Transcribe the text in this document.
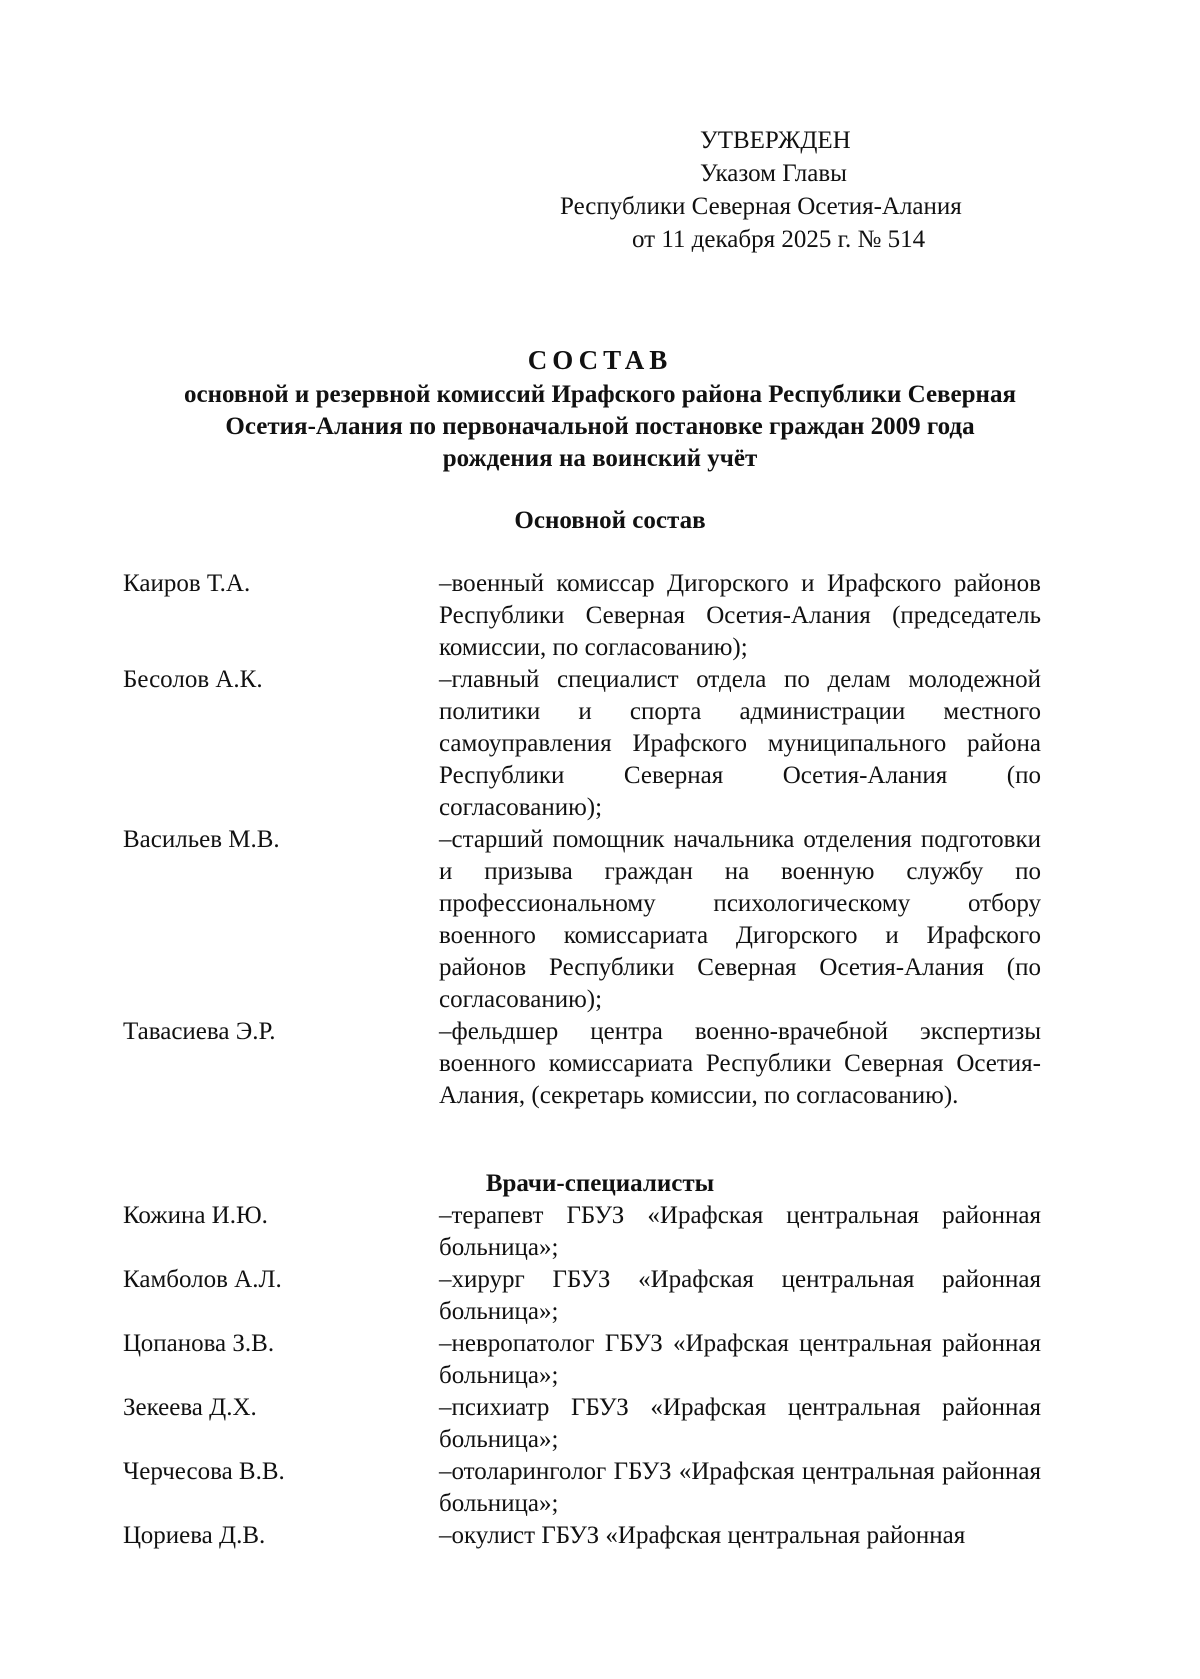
УТВЕРЖДЕН
Указом Главы
Республики Северная Осетия-Алания
от 11 декабря 2025 г. № 514
СОСТАВ
основной и резервной комиссий Ирафского района Республики Северная
Осетия-Алания по первоначальной постановке граждан 2009 года
рождения на воинский учёт
Основной состав
Каиров Т.А.	–военный комиссар Дигорского и Ирафского районов Республики Северная Осетия-Алания (председатель комиссии, по согласованию);
Бесолов А.К.	–главный специалист отдела по делам молодежной политики и спорта администрации местного самоуправления Ирафского муниципального района Республики Северная Осетия-Алания (по согласованию);
Васильев М.В.	–старший помощник начальника отделения подготовки и призыва граждан на военную службу по профессиональному психологическому отбору военного комиссариата Дигорского и Ирафского районов Республики Северная Осетия-Алания (по согласованию);
Тавасиева Э.Р.	–фельдшер центра военно-врачебной экспертизы военного комиссариата Республики Северная Осетия-Алания, (секретарь комиссии, по согласованию).
Врачи-специалисты
Кожина И.Ю.	–терапевт ГБУЗ «Ирафская центральная районная больница»;
Камболов А.Л.	–хирург ГБУЗ «Ирафская центральная районная больница»;
Цопанова З.В.	–невропатолог ГБУЗ «Ирафская центральная районная больница»;
Зекеева Д.Х.	–психиатр ГБУЗ «Ирафская центральная районная больница»;
Черчесова В.В.	–отоларинголог ГБУЗ «Ирафская центральная районная больница»;
Цориева Д.В.	–окулист ГБУЗ «Ирафская центральная районная
